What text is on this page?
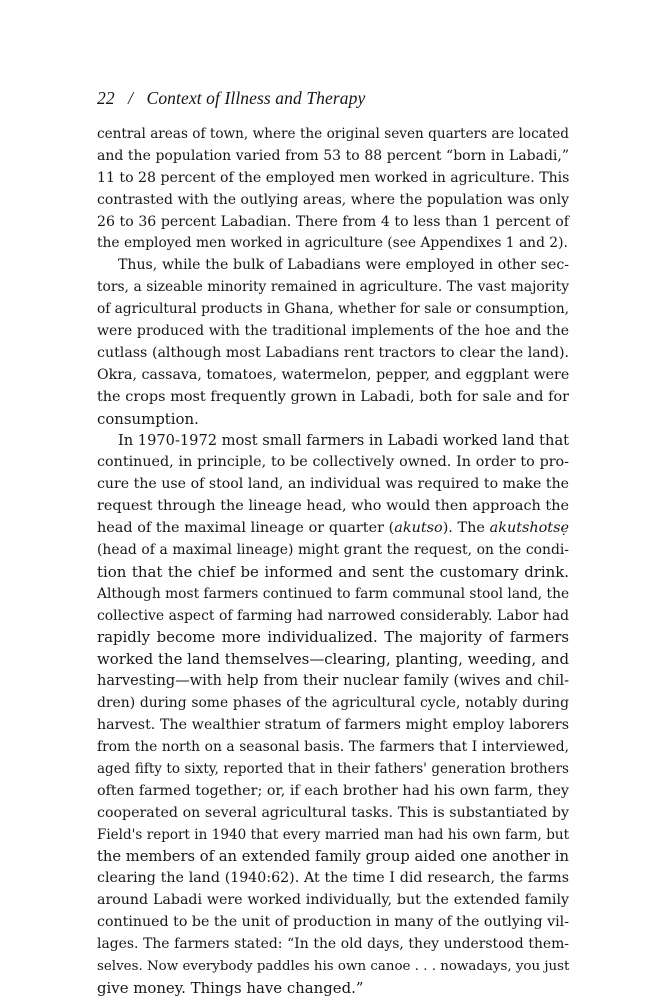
22 / Context of Illness and Therapy
central areas of town, where the original seven quarters are located
and the population varied from 53 to 88 percent “born in Labadi,”
11 to 28 percent of the employed men worked in agriculture. This
contrasted with the outlying areas, where the population was only
26 to 36 percent Labadian. There from 4 to less than 1 percent of
the employed men worked in agriculture (see Appendixes 1 and 2).
Thus, while the bulk of Labadians were employed in other sec-
tors, a sizeable minority remained in agriculture. The vast majority
of agricultural products in Ghana, whether for sale or consumption,
were produced with the traditional implements of the hoe and the
cutlass (although most Labadians rent tractors to clear the land).
Okra, cassava, tomatoes, watermelon, pepper, and eggplant were
the crops most frequently grown in Labadi, both for sale and for
consumption.
In 1970-1972 most small farmers in Labadi worked land that
continued, in principle, to be collectively owned. In order to pro-
cure the use of stool land, an individual was required to make the
request through the lineage head, who would then approach the
head of the maximal lineage or quarter (akutso). The akutshotsẹ
(head of a maximal lineage) might grant the request, on the condi-
tion that the chief be informed and sent the customary drink.
Although most farmers continued to farm communal stool land, the
collective aspect of farming had narrowed considerably. Labor had
rapidly become more individualized. The majority of farmers
worked the land themselves—clearing, planting, weeding, and
harvesting—with help from their nuclear family (wives and chil-
dren) during some phases of the agricultural cycle, notably during
harvest. The wealthier stratum of farmers might employ laborers
from the north on a seasonal basis. The farmers that I interviewed,
aged fifty to sixty, reported that in their fathers' generation brothers
often farmed together; or, if each brother had his own farm, they
cooperated on several agricultural tasks. This is substantiated by
Field's report in 1940 that every married man had his own farm, but
the members of an extended family group aided one another in
clearing the land (1940:62). At the time I did research, the farms
around Labadi were worked individually, but the extended family
continued to be the unit of production in many of the outlying vil-
lages. The farmers stated: “In the old days, they understood them-
selves. Now everybody paddles his own canoe . . . nowadays, you just
give money. Things have changed.”
